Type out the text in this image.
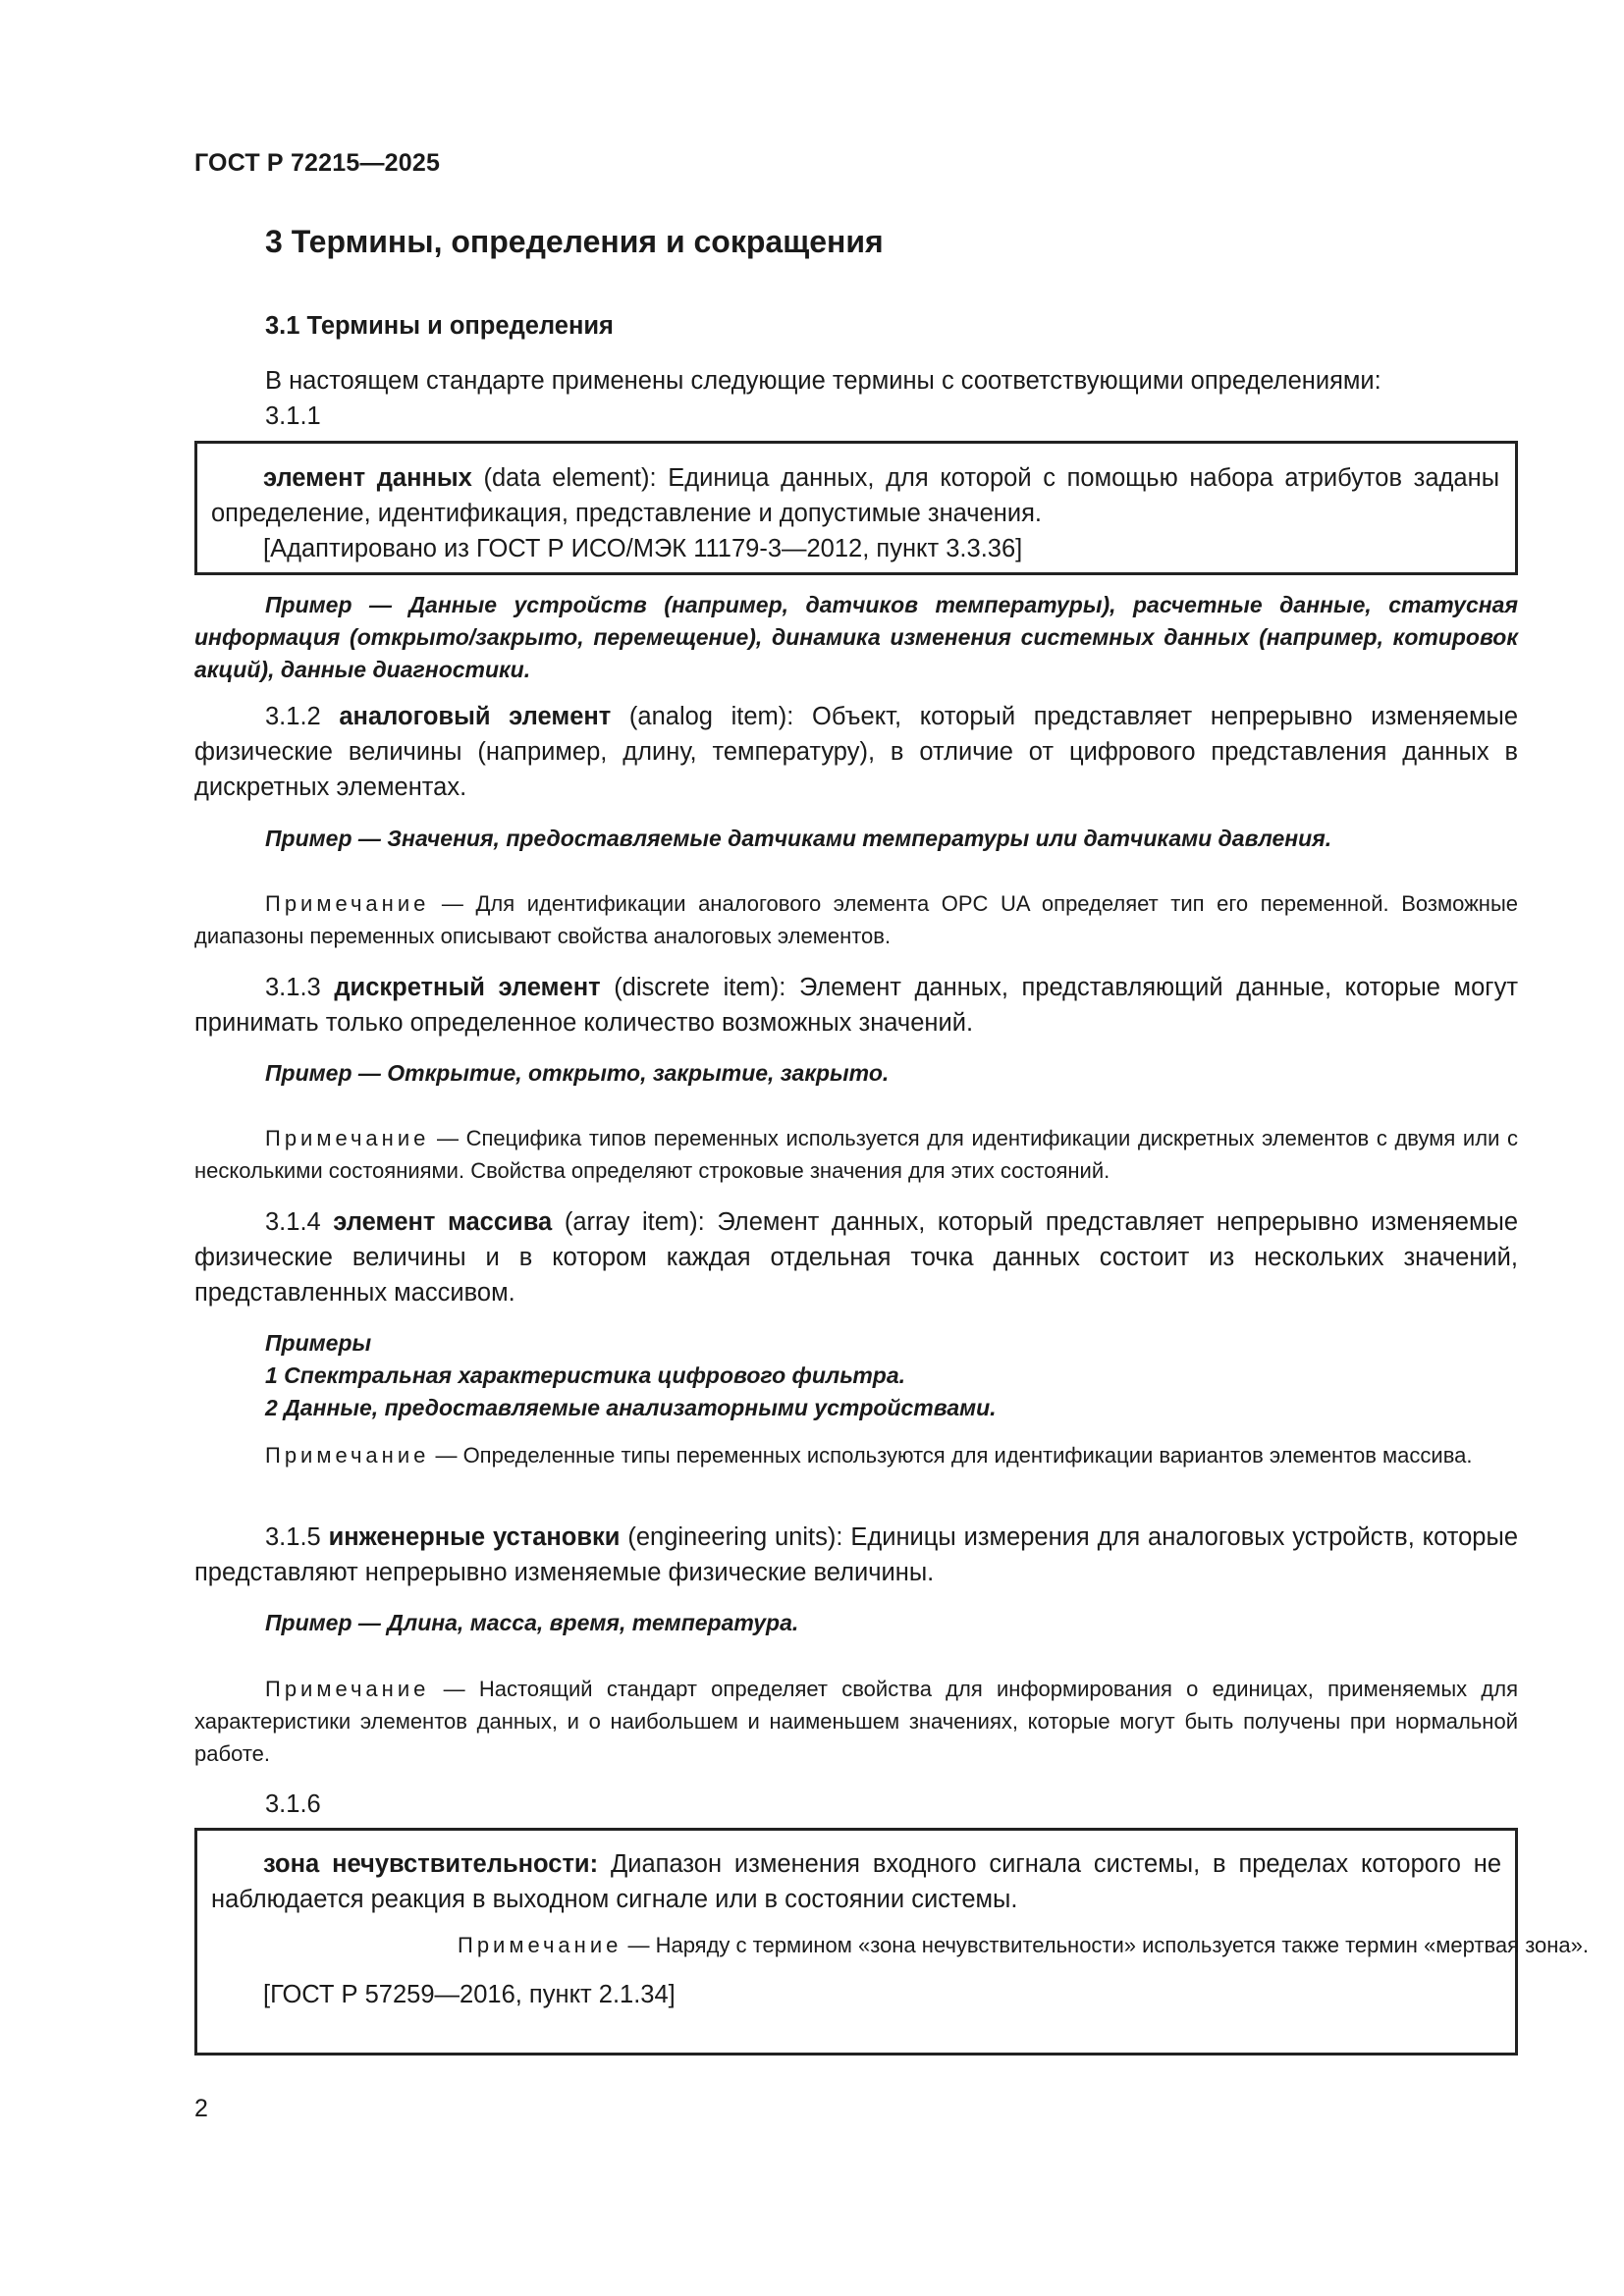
ГОСТ Р 72215—2025
3 Термины, определения и сокращения
3.1 Термины и определения
В настоящем стандарте применены следующие термины с соответствующими определениями:
3.1.1
элемент данных (data element): Единица данных, для которой с помощью набора атрибутов заданы определение, идентификация, представление и допустимые значения.
[Адаптировано из ГОСТ Р ИСО/МЭК 11179-3—2012, пункт 3.3.36]
Пример — Данные устройств (например, датчиков температуры), расчетные данные, статусная информация (открыто/закрыто, перемещение), динамика изменения системных данных (например, котировок акций), данные диагностики.
3.1.2 аналоговый элемент (analog item): Объект, который представляет непрерывно изменяемые физические величины (например, длину, температуру), в отличие от цифрового представления данных в дискретных элементах.
Пример — Значения, предоставляемые датчиками температуры или датчиками давления.
Примечание — Для идентификации аналогового элемента OPC UA определяет тип его переменной. Возможные диапазоны переменных описывают свойства аналоговых элементов.
3.1.3 дискретный элемент (discrete item): Элемент данных, представляющий данные, которые могут принимать только определенное количество возможных значений.
Пример — Открытие, открыто, закрытие, закрыто.
Примечание — Специфика типов переменных используется для идентификации дискретных элементов с двумя или с несколькими состояниями. Свойства определяют строковые значения для этих состояний.
3.1.4 элемент массива (array item): Элемент данных, который представляет непрерывно изменяемые физические величины и в котором каждая отдельная точка данных состоит из нескольких значений, представленных массивом.
Примеры
1 Спектральная характеристика цифрового фильтра.
2 Данные, предоставляемые анализаторными устройствами.
Примечание — Определенные типы переменных используются для идентификации вариантов элементов массива.
3.1.5 инженерные установки (engineering units): Единицы измерения для аналоговых устройств, которые представляют непрерывно изменяемые физические величины.
Пример — Длина, масса, время, температура.
Примечание — Настоящий стандарт определяет свойства для информирования о единицах, применяемых для характеристики элементов данных, и о наибольшем и наименьшем значениях, которые могут быть получены при нормальной работе.
3.1.6
зона нечувствительности: Диапазон изменения входного сигнала системы, в пределах которого не наблюдается реакция в выходном сигнале или в состоянии системы.
Примечание — Наряду с термином «зона нечувствительности» используется также термин «мертвая зона».
[ГОСТ Р 57259—2016, пункт 2.1.34]
2
